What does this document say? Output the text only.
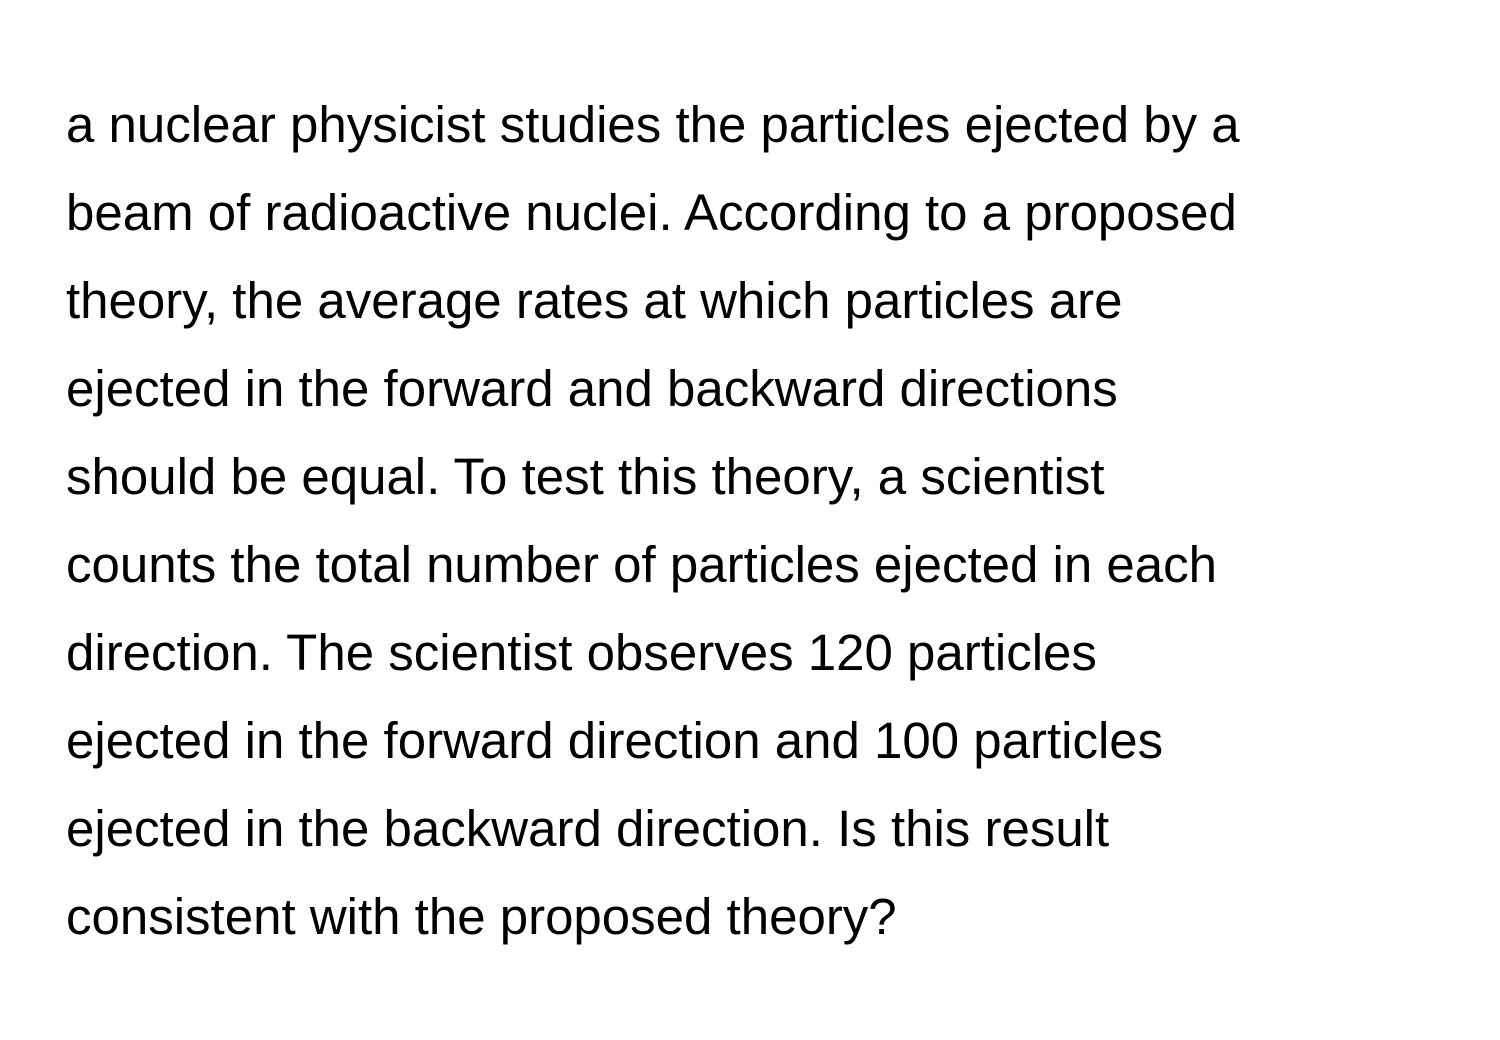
a nuclear physicist studies the particles ejected by a
beam of radioactive nuclei. According to a proposed
theory, the average rates at which particles are
ejected in the forward and backward directions
should be equal. To test this theory, a scientist
counts the total number of particles ejected in each
direction. The scientist observes 120 particles
ejected in the forward direction and 100 particles
ejected in the backward direction. Is this result
consistent with the proposed theory?
